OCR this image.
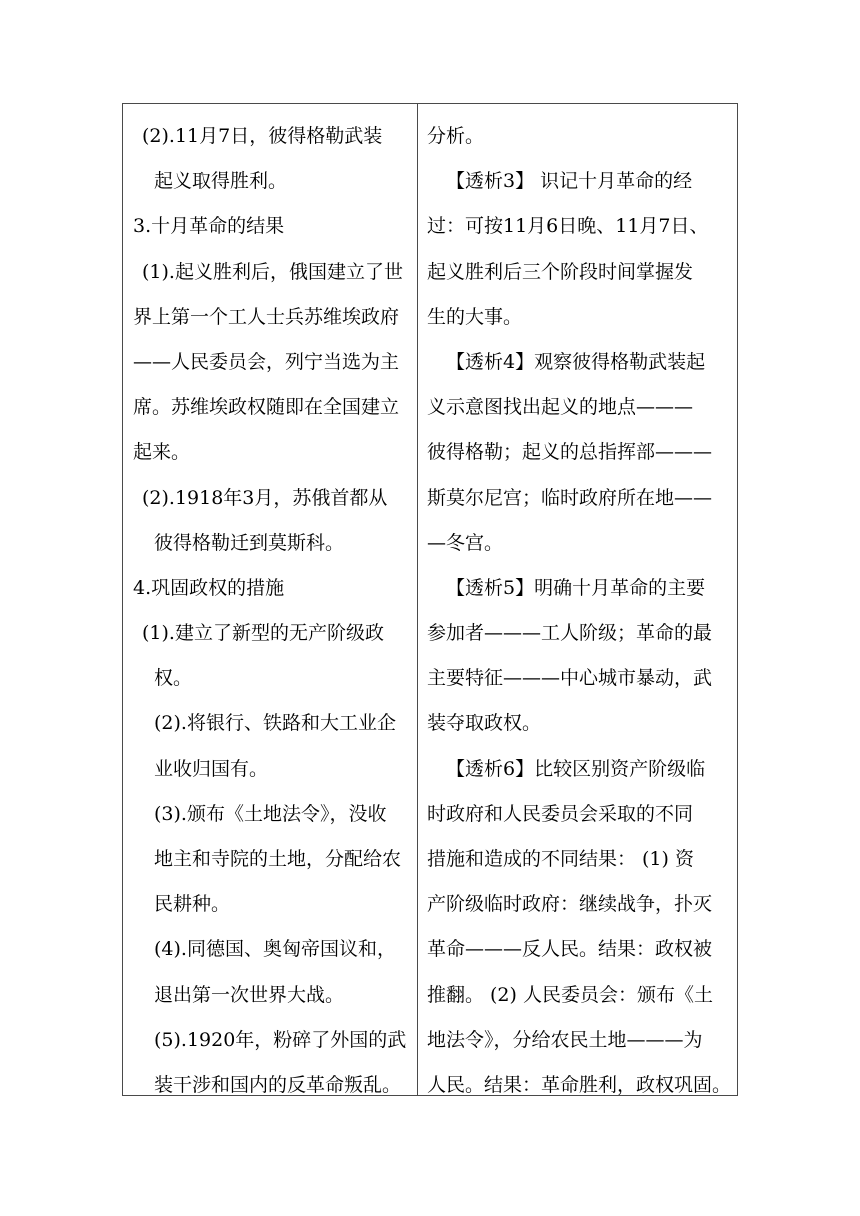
(2).11月7日，彼得格勒武装
起义取得胜利。
3.十月革命的结果
(1).起义胜利后，俄国建立了世
界上第一个工人士兵苏维埃政府
——人民委员会，列宁当选为主
席。苏维埃政权随即在全国建立
起来。
(2).1918年3月，苏俄首都从
彼得格勒迁到莫斯科。
4.巩固政权的措施
(1).建立了新型的无产阶级政
权。
(2).将银行、铁路和大工业企
业收归国有。
(3).颁布《土地法令》，没收
地主和寺院的土地，分配给农
民耕种。
(4).同德国、奥匈帝国议和，
退出第一次世界大战。
(5).1920年，粉碎了外国的武
装干涉和国内的反革命叛乱。
分析。
【透析3】 识记十月革命的经
过：可按11月6日晚、11月7日、
起义胜利后三个阶段时间掌握发
生的大事。
【透析4】观察彼得格勒武装起
义示意图找出起义的地点———
彼得格勒；起义的总指挥部———
斯莫尔尼宫；临时政府所在地——
—冬宫。
【透析5】明确十月革命的主要
参加者———工人阶级；革命的最
主要特征———中心城市暴动，武
装夺取政权。
【透析6】比较区别资产阶级临
时政府和人民委员会采取的不同
措施和造成的不同结果： (1) 资
产阶级临时政府：继续战争，扑灭
革命———反人民。结果：政权被
推翻。 (2) 人民委员会：颁布《土
地法令》，分给农民土地———为
人民。结果：革命胜利，政权巩固。
